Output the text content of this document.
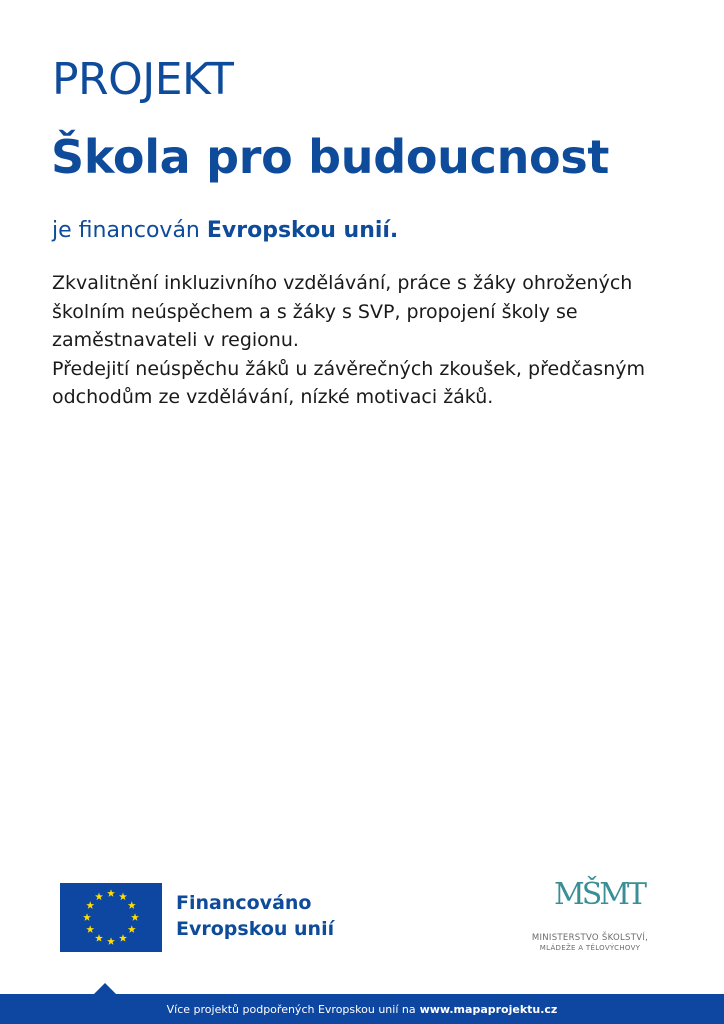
PROJEKT
Škola pro budoucnost
je financován Evropskou unií.

Zkvalitnění inkluzivního vzdělávání, práce s žáky ohrožených školním neúspěchem a s žáky s SVP, propojení školy se zaměstnavateli v regionu.

Předejití neúspěchu žáků u závěrečných zkoušek, předčasným odchodům ze vzdělávání, nízké motivaci žáků.

Financováno
Evropskou unií
MŠMT
MINISTERSTVO ŠKOLSTVÍ,
MLÁDEŽE A TĚLOVÝCHOVY
Více projektů podpořených Evropskou unií na www.mapaprojektu.cz
